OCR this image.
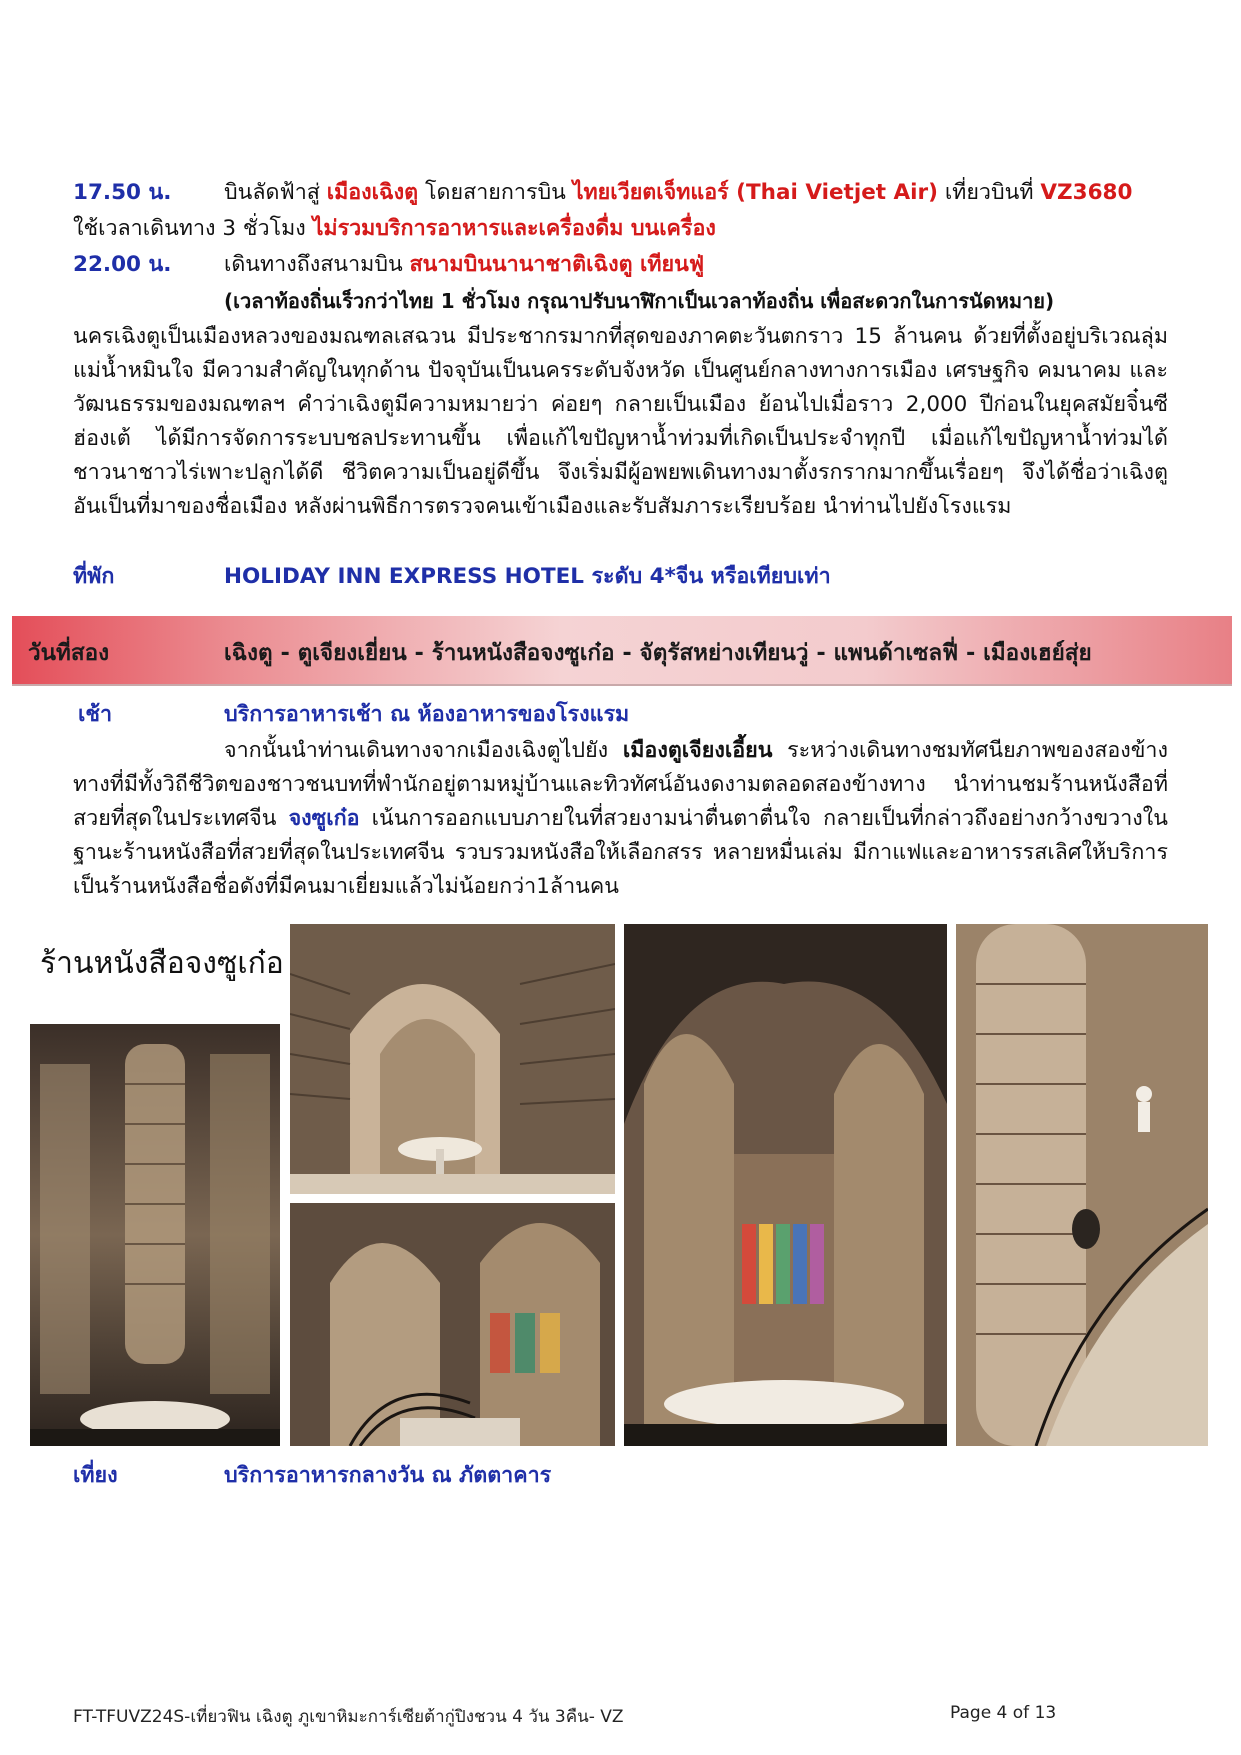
17.50 น. บินลัดฟ้าสู่ เมืองเฉิงตู โดยสายการบิน ไทยเวียตเจ็ทแอร์ (Thai Vietjet Air) เที่ยวบินที่ VZ3680
ใช้เวลาเดินทาง 3 ชั่วโมง ไม่รวมบริการอาหารและเครื่องดื่ม บนเครื่อง
22.00 น. เดินทางถึงสนามบิน สนามบินนานาชาติเฉิงตู เทียนฟู่
(เวลาท้องถิ่นเร็วกว่าไทย 1 ชั่วโมง กรุณาปรับนาฬิกาเป็นเวลาท้องถิ่น เพื่อสะดวกในการนัดหมาย)
นครเฉิงตูเป็นเมืองหลวงของมณฑลเสฉวน มีประชากรมากที่สุดของภาคตะวันตกราว 15 ล้านคน ด้วยที่ตั้งอยู่บริเวณลุ่มแม่น้ำหมินใจ มีความสำคัญในทุกด้าน ปัจจุบันเป็นนครระดับจังหวัด เป็นศูนย์กลางทางการเมือง เศรษฐกิจ คมนาคม และวัฒนธรรมของมณฑลฯ คำว่าเฉิงตูมีความหมายว่า ค่อยๆ กลายเป็นเมือง ย้อนไปเมื่อราว 2,000 ปีก่อนในยุคสมัยจิ๋นซีฮ่องเต้ ได้มีการจัดการระบบชลประทานขึ้น เพื่อแก้ไขปัญหาน้ำท่วมที่เกิดเป็นประจำทุกปี เมื่อแก้ไขปัญหาน้ำท่วมได้ชาวนาชาวไร่เพาะปลูกได้ดี ชีวิตความเป็นอยู่ดีขึ้น จึงเริ่มมีผู้อพยพเดินทางมาตั้งรกรากมากขึ้นเรื่อยๆ จึงได้ชื่อว่าเฉิงตู อันเป็นที่มาของชื่อเมือง หลังผ่านพิธีการตรวจคนเข้าเมืองและรับสัมภาระเรียบร้อย นำท่านไปยังโรงแรม
ที่พัก	HOLIDAY INN EXPRESS HOTEL ระดับ 4*จีน หรือเทียบเท่า
วันที่สอง	เฉิงตู - ตูเจียงเยี่ยน - ร้านหนังสือจงซูเก๋อ - จัตุรัสหย่างเทียนวู่ - แพนด้าเซลฟี่ - เมืองเฮย์สุ่ย
เช้า	บริการอาหารเช้า ณ ห้องอาหารของโรงแรม
จากนั้นนำท่านเดินทางจากเมืองเฉิงตูไปยัง เมืองตูเจียงเอี้ยน ระหว่างเดินทางชมทัศนียภาพของสองข้างทางที่มีทั้งวิถีชีวิตของชาวชนบทที่พำนักอยู่ตามหมู่บ้านและทิวทัศน์อันงดงามตลอดสองข้างทาง นำท่านชมร้านหนังสือที่สวยที่สุดในประเทศจีน จงซูเก๋อ เน้นการออกแบบภายในที่สวยงามน่าตื่นตาตื่นใจ กลายเป็นที่กล่าวถึงอย่างกว้างขวางในฐานะร้านหนังสือที่สวยที่สุดในประเทศจีน รวบรวมหนังสือให้เลือกสรร หลายหมื่นเล่ม มีกาแฟและอาหารรสเลิศให้บริการ เป็นร้านหนังสือชื่อดังที่มีคนมาเยี่ยมแล้วไม่น้อยกว่า1ล้านคน
ร้านหนังสือจงซูเก๋อ
เที่ยง	บริการอาหารกลางวัน ณ ภัตตาคาร
FT-TFUVZ24S-เที่ยวฟิน เฉิงตู ภูเขาหิมะการ์เซียต้ากู่ปิงชวน 4 วัน 3คืน- VZ	Page 4 of 13
